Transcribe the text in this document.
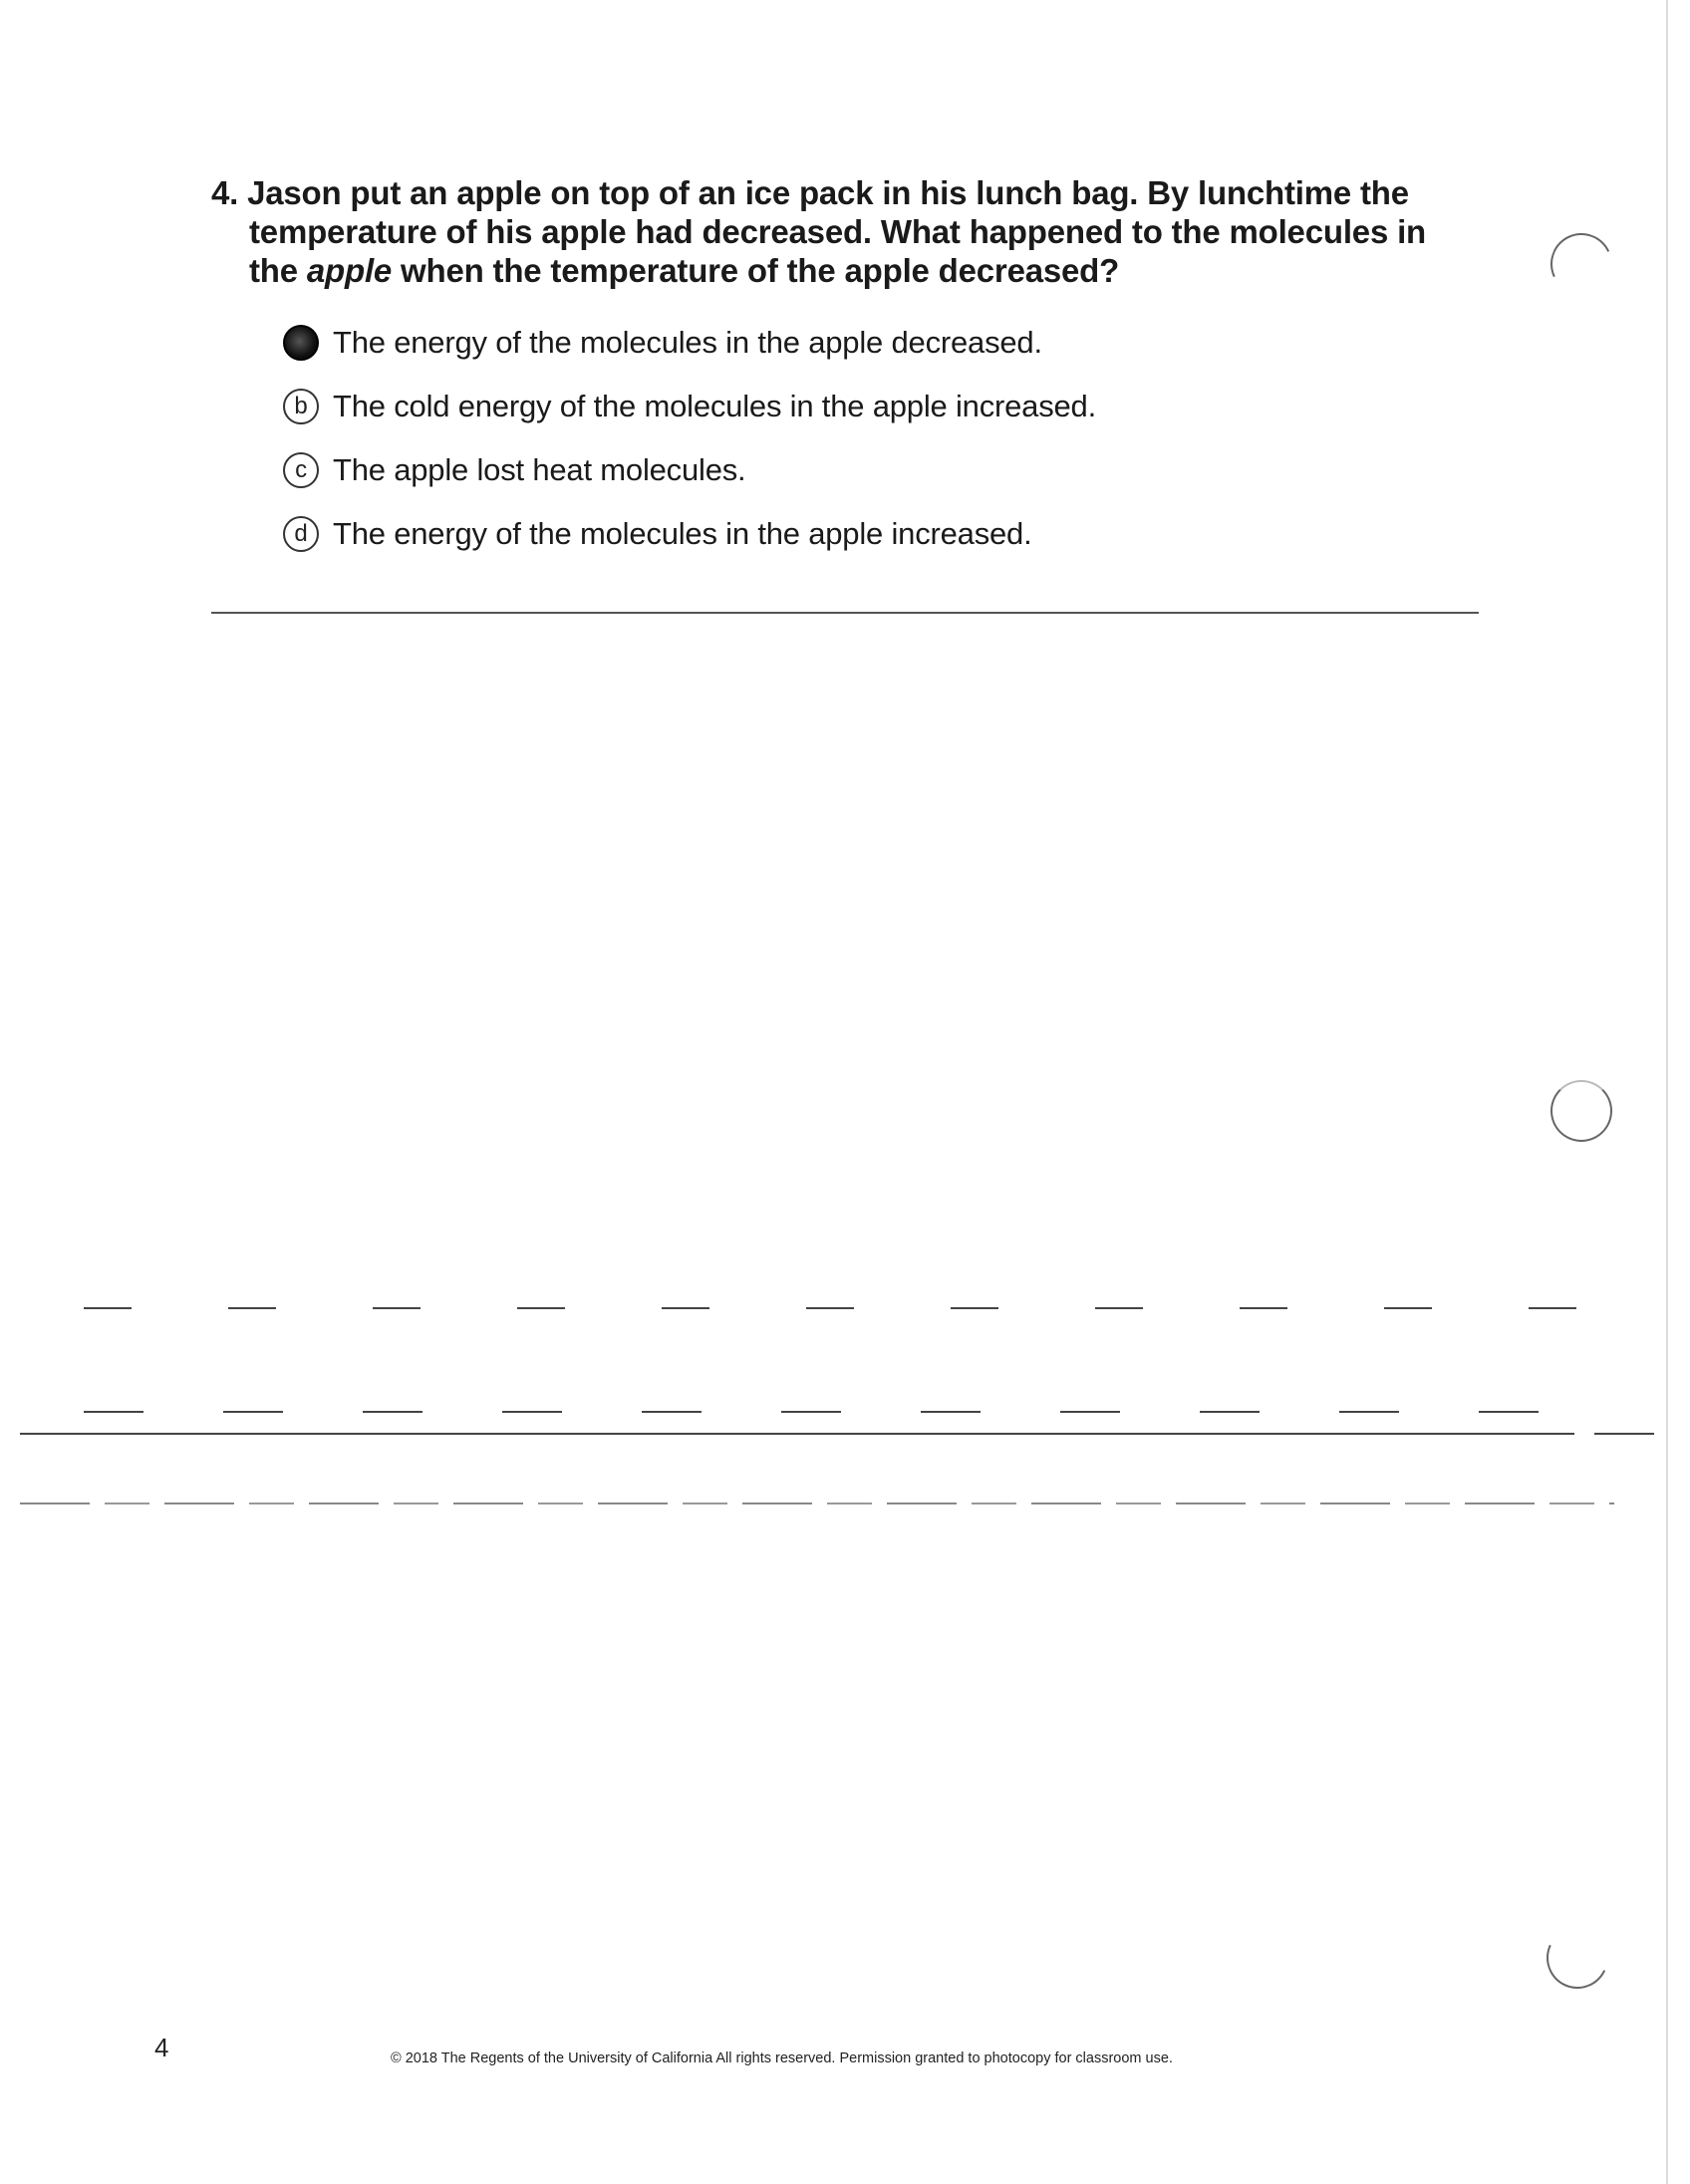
4. Jason put an apple on top of an ice pack in his lunch bag. By lunchtime the temperature of his apple had decreased. What happened to the molecules in the apple when the temperature of the apple decreased?
The energy of the molecules in the apple decreased.
b The cold energy of the molecules in the apple increased.
c The apple lost heat molecules.
d The energy of the molecules in the apple increased.
4	© 2018 The Regents of the University of California All rights reserved. Permission granted to photocopy for classroom use.
